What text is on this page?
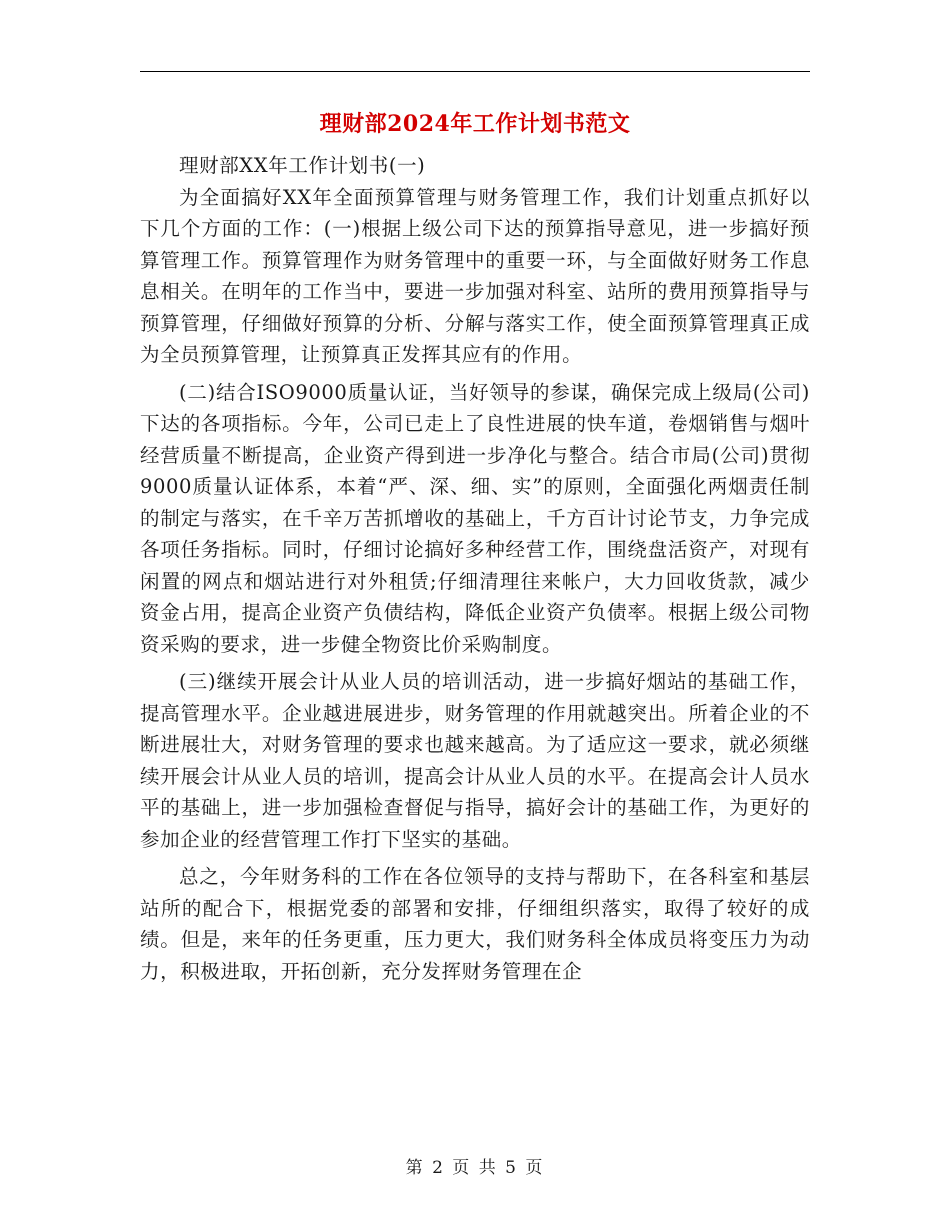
理财部2024年工作计划书范文

理财部XX年工作计划书(一)

为全面搞好XX年全面预算管理与财务管理工作，我们计划重点抓好以下几个方面的工作：(一)根据上级公司下达的预算指导意见，进一步搞好预算管理工作。预算管理作为财务管理中的重要一环，与全面做好财务工作息息相关。在明年的工作当中，要进一步加强对科室、站所的费用预算指导与预算管理，仔细做好预算的分析、分解与落实工作，使全面预算管理真正成为全员预算管理，让预算真正发挥其应有的作用。

(二)结合ISO9000质量认证，当好领导的参谋，确保完成上级局(公司)下达的各项指标。今年，公司已走上了良性进展的快车道，卷烟销售与烟叶经营质量不断提高，企业资产得到进一步净化与整合。结合市局(公司)贯彻9000质量认证体系，本着“严、深、细、实”的原则，全面强化两烟责任制的制定与落实，在千辛万苦抓增收的基础上，千方百计讨论节支，力争完成各项任务指标。同时，仔细讨论搞好多种经营工作，围绕盘活资产，对现有闲置的网点和烟站进行对外租赁;仔细清理往来帐户，大力回收货款，减少资金占用，提高企业资产负债结构，降低企业资产负债率。根据上级公司物资采购的要求，进一步健全物资比价采购制度。

(三)继续开展会计从业人员的培训活动，进一步搞好烟站的基础工作，提高管理水平。企业越进展进步，财务管理的作用就越突出。所着企业的不断进展壮大，对财务管理的要求也越来越高。为了适应这一要求，就必须继续开展会计从业人员的培训，提高会计从业人员的水平。在提高会计人员水平的基础上，进一步加强检查督促与指导，搞好会计的基础工作，为更好的参加企业的经营管理工作打下坚实的基础。

总之，今年财务科的工作在各位领导的支持与帮助下，在各科室和基层站所的配合下，根据党委的部署和安排，仔细组织落实，取得了较好的成绩。但是，来年的任务更重，压力更大，我们财务科全体成员将变压力为动力，积极进取，开拓创新，充分发挥财务管理在企

第 2 页 共 5 页
